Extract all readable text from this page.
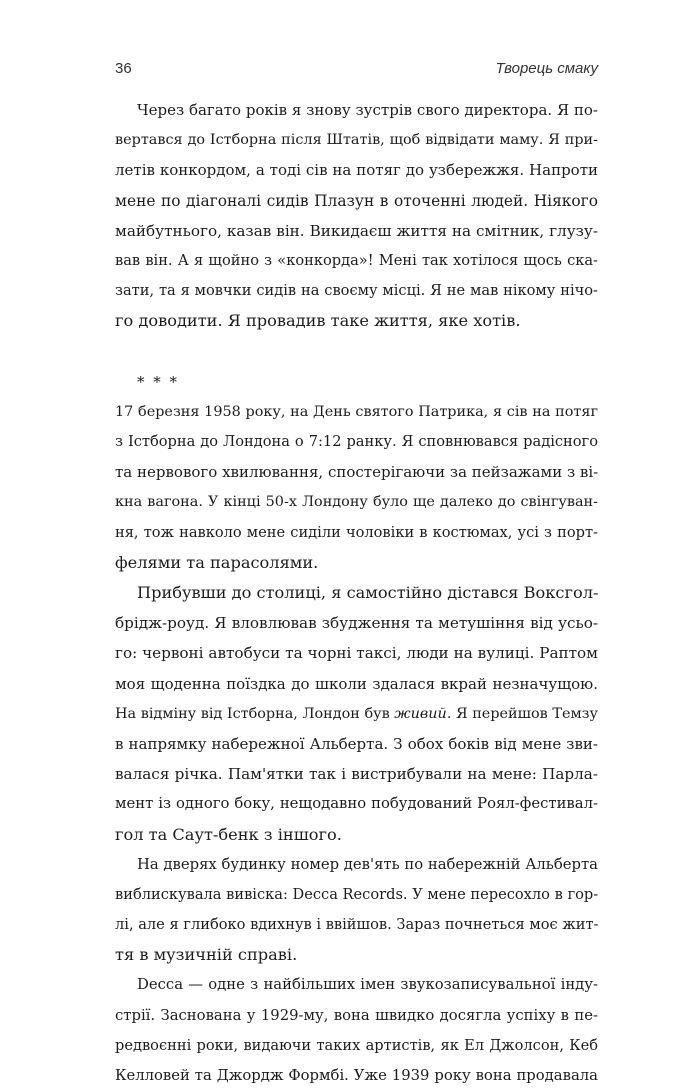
36	Творець смаку
Через багато років я знову зустрів свого директора. Я по-
вертався до Істборна після Штатів, щоб відвідати маму. Я при-
летів конкордом, а тоді сів на потяг до узбережжя. Напроти
мене по діагоналі сидів Плазун в оточенні людей. Ніякого
майбутнього, казав він. Викидаєш життя на смітник, глузу-
вав він. А я щойно з «конкорда»! Мені так хотілося щось ска-
зати, та я мовчки сидів на своєму місці. Я не мав нікому нічо-
го доводити. Я провадив таке життя, яке хотів.
* * *
17 березня 1958 року, на День святого Патрика, я сів на потяг
з Істборна до Лондона о 7:12 ранку. Я сповнювався радісного
та нервового хвилювання, спостерігаючи за пейзажами з ві-
кна вагона. У кінці 50-х Лондону було ще далеко до свінгуван-
ня, тож навколо мене сиділи чоловіки в костюмах, усі з порт-
фелями та парасолями.
Прибувши до столиці, я самостійно дістався Воксгол-
брідж-роуд. Я вловлював збудження та метушіння від усьо-
го: червоні автобуси та чорні таксі, люди на вулиці. Раптом
моя щоденна поїздка до школи здалася вкрай незначущою.
На відміну від Істборна, Лондон був живий. Я перейшов Темзу
в напрямку набережної Альберта. З обох боків від мене зви-
валася річка. Пам'ятки так і вистрибували на мене: Парла-
мент із одного боку, нещодавно побудований Роял-фестивал-
гол та Саут-бенк з іншого.
На дверях будинку номер дев'ять по набережній Альберта
виблискувала вивіска: Decca Records. У мене пересохло в гор-
лі, але я глибоко вдихнув і ввійшов. Зараз почнеться моє жит-
тя в музичній справі.
Decca — одне з найбільших імен звукозаписувальної інду-
стрії. Заснована у 1929-му, вона швидко досягла успіху в пе-
редвоєнні роки, видаючи таких артистів, як Ел Джолсон, Кеб
Келловей та Джордж Формбі. Уже 1939 року вона продавала
